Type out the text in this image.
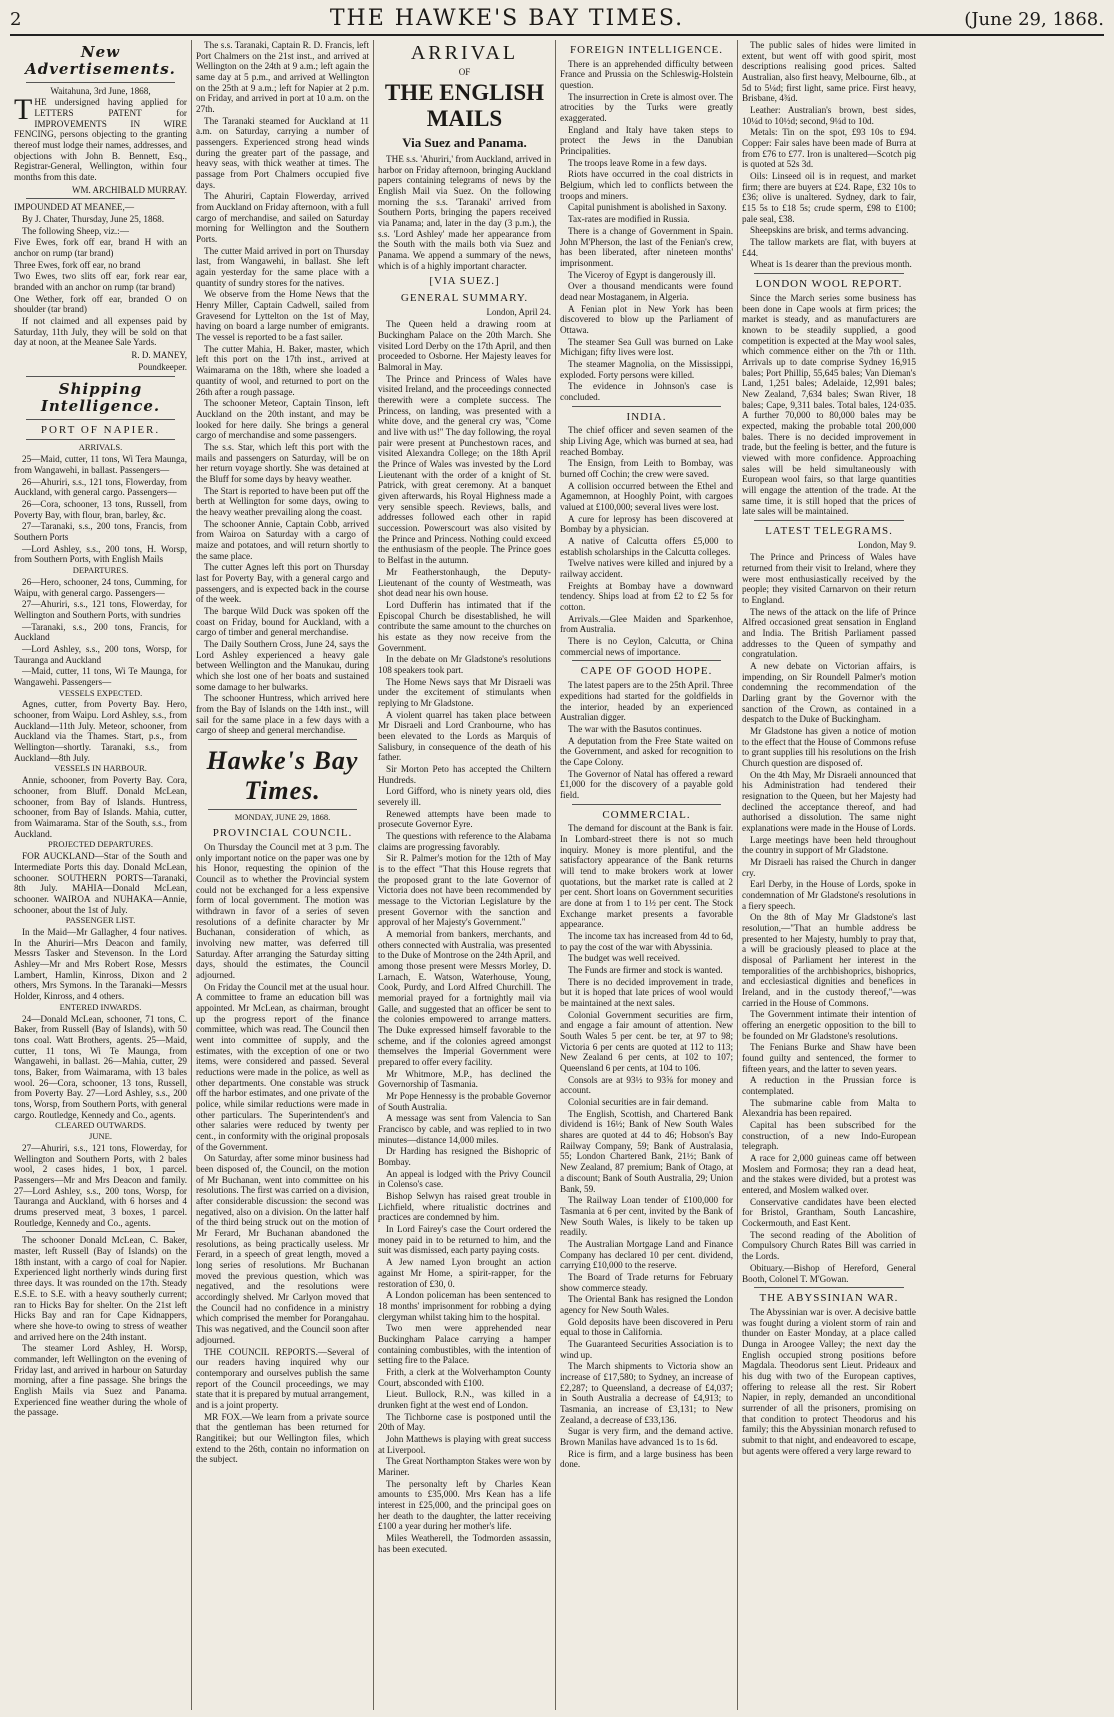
2	THE HAWKE'S BAY TIMES.	(June 29, 1868.
New Advertisements.

Waitahuna, 3rd June, 1868,

THE undersigned having applied for LETTERS PATENT for IMPROVEMENTS IN WIRE FENCING, persons objecting to the granting thereof must lodge their names, addresses, and objections with John B. Bennett, Esq., Registrar-General, Wellington, within four months from this date.

WM. ARCHIBALD MURRAY.

IMPOUNDED AT MEANEE,—

By J. Chater, Thursday, June 25, 1868.

The following Sheep, viz.:—

Five Ewes, fork off ear, brand H with an anchor on rump (tar brand)

Three Ewes, fork off ear, no brand

Two Ewes, two slits off ear, fork rear ear, branded with an anchor on rump (tar brand)

One Wether, fork off ear, branded O on shoulder (tar brand)

If not claimed and all expenses paid by Saturday, 11th July, they will be sold on that day at noon, at the Meanee Sale Yards.

R. D. MANEY,
Poundkeeper.
Shipping Intelligence.
PORT OF NAPIER.
ARRIVALS.

25—Maid, cutter, 11 tons, Wi Tera Maunga, from Wangawehi, in ballast. Passengers—

26—Ahuriri, s.s., 121 tons, Flowerday, from Auckland, with general cargo. Passengers—

26—Cora, schooner, 13 tons, Russell, from Poverty Bay, with flour, bran, barley, &c.

27—Taranaki, s.s., 200 tons, Francis, from Southern Ports

—Lord Ashley, s.s., 200 tons, H. Worsp, from Southern Ports, with English Mails

DEPARTURES.

26—Hero, schooner, 24 tons, Cumming, for Waipu, with general cargo. Passengers—

27—Ahuriri, s.s., 121 tons, Flowerday, for Wellington and Southern Ports, with sundries

—Taranaki, s.s., 200 tons, Francis, for Auckland

—Lord Ashley, s.s., 200 tons, Worsp, for Tauranga and Auckland

—Maid, cutter, 11 tons, Wi Te Maunga, for Wangawehi. Passengers—

VESSELS EXPECTED.

Agnes, cutter, from Poverty Bay. Hero, schooner, from Waipu. Lord Ashley, s.s., from Auckland—11th July. Meteor, schooner, from Auckland via the Thames. Start, p.s., from Wellington—shortly. Taranaki, s.s., from Auckland—8th July.

VESSELS IN HARBOUR.

Annie, schooner, from Poverty Bay. Cora, schooner, from Bluff. Donald McLean, schooner, from Bay of Islands. Huntress, schooner, from Bay of Islands. Mahia, cutter, from Waimarama. Star of the South, s.s., from Auckland.

PROJECTED DEPARTURES.

FOR AUCKLAND—Star of the South and Intermediate Ports this day. Donald McLean, schooner. SOUTHERN PORTS—Taranaki, 8th July. MAHIA—Donald McLean, schooner. WAIROA and NUHAKA—Annie, schooner, about the 1st of July.

PASSENGER LIST.

In the Maid—Mr Gallagher, 4 four natives. In the Ahuriri—Mrs Deacon and family, Messrs Tasker and Stevenson. In the Lord Ashley—Mr and Mrs Robert Rose, Messrs Lambert, Hamlin, Kinross, Dixon and 2 others, Mrs Symons. In the Taranaki—Messrs Holder, Kinross, and 4 others.

ENTERED INWARDS.

24—Donald McLean, schooner, 71 tons, C. Baker, from Russell (Bay of Islands), with 50 tons coal. Watt Brothers, agents. 25—Maid, cutter, 11 tons, Wi Te Maunga, from Wangawehi, in ballast. 26—Mahia, cutter, 29 tons, Baker, from Waimarama, with 13 bales wool. 26—Cora, schooner, 13 tons, Russell, from Poverty Bay. 27—Lord Ashley, s.s., 200 tons, Worsp, from Southern Ports, with general cargo. Routledge, Kennedy and Co., agents.

CLEARED OUTWARDS.
JUNE.

27—Ahuriri, s.s., 121 tons, Flowerday, for Wellington and Southern Ports, with 2 bales wool, 2 cases hides, 1 box, 1 parcel. Passengers—Mr and Mrs Deacon and family. 27—Lord Ashley, s.s., 200 tons, Worsp, for Tauranga and Auckland, with 6 horses and 4 drums preserved meat, 3 boxes, 1 parcel. Routledge, Kennedy and Co., agents.

The schooner Donald McLean, C. Baker, master, left Russell (Bay of Islands) on the 18th instant, with a cargo of coal for Napier. Experienced light northerly winds during first three days. It was rounded on the 17th. Steady E.S.E. to S.E. with a heavy southerly current; ran to Hicks Bay for shelter. On the 21st left Hicks Bay and ran for Cape Kidnappers, where she hove-to owing to stress of weather and arrived here on the 24th instant.

The steamer Lord Ashley, H. Worsp, commander, left Wellington on the evening of Friday last, and arrived in harbour on Saturday morning, after a fine passage. She brings the English Mails via Suez and Panama. Experienced fine weather during the whole of the passage.

The s.s. Taranaki, Captain R. D. Francis, left Port Chalmers on the 21st inst., and arrived at Wellington on the 24th at 9 a.m.; left again the same day at 5 p.m., and arrived at Wellington on the 25th at 9 a.m.; left for Napier at 2 p.m. on Friday, and arrived in port at 10 a.m. on the 27th.

The Taranaki steamed for Auckland at 11 a.m. on Saturday, carrying a number of passengers. Experienced strong head winds during the greater part of the passage, and heavy seas, with thick weather at times. The passage from Port Chalmers occupied five days.

The Ahuriri, Captain Flowerday, arrived from Auckland on Friday afternoon, with a full cargo of merchandise, and sailed on Saturday morning for Wellington and the Southern Ports.

The cutter Maid arrived in port on Thursday last, from Wangawehi, in ballast. She left again yesterday for the same place with a quantity of sundry stores for the natives.

We observe from the Home News that the Henry Miller, Captain Cadwell, sailed from Gravesend for Lyttelton on the 1st of May, having on board a large number of emigrants. The vessel is reported to be a fast sailer.

The cutter Mahia, H. Baker, master, which left this port on the 17th inst., arrived at Waimarama on the 18th, where she loaded a quantity of wool, and returned to port on the 26th after a rough passage.

The schooner Meteor, Captain Tinson, left Auckland on the 20th instant, and may be looked for here daily. She brings a general cargo of merchandise and some passengers.

The s.s. Star, which left this port with the mails and passengers on Saturday, will be on her return voyage shortly. She was detained at the Bluff for some days by heavy weather.

The Start is reported to have been put off the berth at Wellington for some days, owing to the heavy weather prevailing along the coast.

The schooner Annie, Captain Cobb, arrived from Wairoa on Saturday with a cargo of maize and potatoes, and will return shortly to the same place.

The cutter Agnes left this port on Thursday last for Poverty Bay, with a general cargo and passengers, and is expected back in the course of the week.

The barque Wild Duck was spoken off the coast on Friday, bound for Auckland, with a cargo of timber and general merchandise.

The Daily Southern Cross, June 24, says the Lord Ashley experienced a heavy gale between Wellington and the Manukau, during which she lost one of her boats and sustained some damage to her bulwarks.

The schooner Huntress, which arrived here from the Bay of Islands on the 14th inst., will sail for the same place in a few days with a cargo of sheep and general merchandise.

Hawke's Bay Times.
MONDAY, JUNE 29, 1868.
PROVINCIAL COUNCIL.

On Thursday the Council met at 3 p.m. The only important notice on the paper was one by his Honor, requesting the opinion of the Council as to whether the Provincial system could not be exchanged for a less expensive form of local government. The motion was withdrawn in favor of a series of seven resolutions of a definite character by Mr Buchanan, consideration of which, as involving new matter, was deferred till Saturday. After arranging the Saturday sitting days, should the estimates, the Council adjourned.

On Friday the Council met at the usual hour. A committee to frame an education bill was appointed. Mr McLean, as chairman, brought up the progress report of the finance committee, which was read. The Council then went into committee of supply, and the estimates, with the exception of one or two items, were considered and passed. Several reductions were made in the police, as well as other departments. One constable was struck off the harbor estimates, and one private of the police, while similar reductions were made in other particulars. The Superintendent's and other salaries were reduced by twenty per cent., in conformity with the original proposals of the Government.

On Saturday, after some minor business had been disposed of, the Council, on the motion of Mr Buchanan, went into committee on his resolutions. The first was carried on a division, after considerable discussion: the second was negatived, also on a division. On the latter half of the third being struck out on the motion of Mr Ferard, Mr Buchanan abandoned the resolutions, as being practically useless. Mr Ferard, in a speech of great length, moved a long series of resolutions. Mr Buchanan moved the previous question, which was negatived, and the resolutions were accordingly shelved. Mr Carlyon moved that the Council had no confidence in a ministry which comprised the member for Porangahau. This was negatived, and the Council soon after adjourned.

THE COUNCIL REPORTS.—Several of our readers having inquired why our contemporary and ourselves publish the same report of the Council proceedings, we may state that it is prepared by mutual arrangement, and is a joint property.

MR FOX.—We learn from a private source that the gentleman has been returned for Rangitikei; but our Wellington files, which extend to the 26th, contain no information on the subject.

ARRIVAL
OF
THE ENGLISH MAILS
Via Suez and Panama.

THE s.s. 'Ahuriri,' from Auckland, arrived in harbor on Friday afternoon, bringing Auckland papers containing telegrams of news by the English Mail via Suez. On the following morning the s.s. 'Taranaki' arrived from Southern Ports, bringing the papers received via Panama; and, later in the day (3 p.m.), the s.s. 'Lord Ashley' made her appearance from the South with the mails both via Suez and Panama. We append a summary of the news, which is of a highly important character.

[VIA SUEZ.]
GENERAL SUMMARY.
London, April 24.

The Queen held a drawing room at Buckingham Palace on the 20th March. She visited Lord Derby on the 17th April, and then proceeded to Osborne. Her Majesty leaves for Balmoral in May.

The Prince and Princess of Wales have visited Ireland, and the proceedings connected therewith were a complete success. The Princess, on landing, was presented with a white dove, and the general cry was, "Come and live with us!" The day following, the royal pair were present at Punchestown races, and visited Alexandra College; on the 18th April the Prince of Wales was invested by the Lord Lieutenant with the order of a knight of St. Patrick, with great ceremony. At a banquet given afterwards, his Royal Highness made a very sensible speech. Reviews, balls, and addresses followed each other in rapid succession. Powerscourt was also visited by the Prince and Princess. Nothing could exceed the enthusiasm of the people. The Prince goes to Belfast in the autumn.

Mr Featherstonhaugh, the Deputy-Lieutenant of the county of Westmeath, was shot dead near his own house.

Lord Dufferin has intimated that if the Episcopal Church be disestablished, he will contribute the same amount to the churches on his estate as they now receive from the Government.

In the debate on Mr Gladstone's resolutions 108 speakers took part.

The Home News says that Mr Disraeli was under the excitement of stimulants when replying to Mr Gladstone.

A violent quarrel has taken place between Mr Disraeli and Lord Cranbourne, who has been elevated to the Lords as Marquis of Salisbury, in consequence of the death of his father.

Sir Morton Peto has accepted the Chiltern Hundreds.

Lord Gifford, who is ninety years old, dies severely ill.

Renewed attempts have been made to prosecute Governor Eyre.

The questions with reference to the Alabama claims are progressing favorably.

Sir R. Palmer's motion for the 12th of May is to the effect "That this House regrets that the proposed grant to the late Governor of Victoria does not have been recommended by message to the Victorian Legislature by the present Governor with the sanction and approval of her Majesty's Government."

A memorial from bankers, merchants, and others connected with Australia, was presented to the Duke of Montrose on the 24th April, and among those present were Messrs Morley, D. Larnach, E. Watson, Waterhouse, Young, Cook, Purdy, and Lord Alfred Churchill. The memorial prayed for a fortnightly mail via Galle, and suggested that an officer be sent to the colonies empowered to arrange matters. The Duke expressed himself favorable to the scheme, and if the colonies agreed amongst themselves the Imperial Government were prepared to offer every facility.

Mr Whitmore, M.P., has declined the Governorship of Tasmania.

Mr Pope Hennessy is the probable Governor of South Australia.

A message was sent from Valencia to San Francisco by cable, and was replied to in two minutes—distance 14,000 miles.

Dr Harding has resigned the Bishopric of Bombay.

An appeal is lodged with the Privy Council in Colenso's case.

Bishop Selwyn has raised great trouble in Lichfield, where ritualistic doctrines and practices are condemned by him.

In Lord Fairey's case the Court ordered the money paid in to be returned to him, and the suit was dismissed, each party paying costs.

A Jew named Lyon brought an action against Mr Home, a spirit-rapper, for the restoration of £30, 0.

A London policeman has been sentenced to 18 months' imprisonment for robbing a dying clergyman whilst taking him to the hospital.

Two men were apprehended near Buckingham Palace carrying a hamper containing combustibles, with the intention of setting fire to the Palace.

Frith, a clerk at the Wolverhampton County Court, absconded with £100.

Lieut. Bullock, R.N., was killed in a drunken fight at the west end of London.

The Tichborne case is postponed until the 20th of May.

John Matthews is playing with great success at Liverpool.

The Great Northampton Stakes were won by Mariner.

The personalty left by Charles Kean amounts to £35,000. Mrs Kean has a life interest in £25,000, and the principal goes on her death to the daughter, the latter receiving £100 a year during her mother's life.

Miles Weatherell, the Todmorden assassin, has been executed.

FOREIGN INTELLIGENCE.

There is an apprehended difficulty between France and Prussia on the Schleswig-Holstein question.

The insurrection in Crete is almost over. The atrocities by the Turks were greatly exaggerated.

England and Italy have taken steps to protect the Jews in the Danubian Principalities.

The troops leave Rome in a few days.

Riots have occurred in the coal districts in Belgium, which led to conflicts between the troops and miners.

Capital punishment is abolished in Saxony.

Tax-rates are modified in Russia.

There is a change of Government in Spain. John M'Pherson, the last of the Fenian's crew, has been liberated, after nineteen months' imprisonment.

The Viceroy of Egypt is dangerously ill.

Over a thousand mendicants were found dead near Mostaganem, in Algeria.

A Fenian plot in New York has been discovered to blow up the Parliament of Ottawa.

The steamer Sea Gull was burned on Lake Michigan; fifty lives were lost.

The steamer Magnolia, on the Mississippi, exploded. Forty persons were killed.

The evidence in Johnson's case is concluded.

INDIA.

The chief officer and seven seamen of the ship Living Age, which was burned at sea, had reached Bombay.

The Ensign, from Leith to Bombay, was burned off Cochin; the crew were saved.

A collision occurred between the Ethel and Agamemnon, at Hooghly Point, with cargoes valued at £100,000; several lives were lost.

A cure for leprosy has been discovered at Bombay by a physician.

A native of Calcutta offers £5,000 to establish scholarships in the Calcutta colleges.

Twelve natives were killed and injured by a railway accident.

Freights at Bombay have a downward tendency. Ships load at from £2 to £2 5s for cotton.

Arrivals.—Glee Maiden and Sparkenhoe, from Australia.

There is no Ceylon, Calcutta, or China commercial news of importance.

CAPE OF GOOD HOPE.

The latest papers are to the 25th April. Three expeditions had started for the goldfields in the interior, headed by an experienced Australian digger.

The war with the Basutos continues.

A deputation from the Free State waited on the Government, and asked for recognition to the Cape Colony.

The Governor of Natal has offered a reward £1,000 for the discovery of a payable gold field.

COMMERCIAL.

The demand for discount at the Bank is fair. In Lombard-street there is not so much inquiry. Money is more plentiful, and the satisfactory appearance of the Bank returns will tend to make brokers work at lower quotations, but the market rate is called at 2 per cent. Short loans on Government securities are done at from 1 to 1½ per cent. The Stock Exchange market presents a favorable appearance.

The income tax has increased from 4d to 6d, to pay the cost of the war with Abyssinia.

The budget was well received.

The Funds are firmer and stock is wanted.

There is no decided improvement in trade, but it is hoped that late prices of wool would be maintained at the next sales.

Colonial Government securities are firm, and engage a fair amount of attention. New South Wales 5 per cent. be ter, at 97 to 98; Victoria 6 per cents are quoted at 112 to 113; New Zealand 6 per cents, at 102 to 107; Queensland 6 per cents, at 104 to 106.

Consols are at 93½ to 93⅝ for money and account.

Colonial securities are in fair demand.

The English, Scottish, and Chartered Bank dividend is 16½; Bank of New South Wales shares are quoted at 44 to 46; Hobson's Bay Railway Company, 59; Bank of Australasia, 55; London Chartered Bank, 21½; Bank of New Zealand, 87 premium; Bank of Otago, at a discount; Bank of South Australia, 29; Union Bank, 59.

The Railway Loan tender of £100,000 for Tasmania at 6 per cent, invited by the Bank of New South Wales, is likely to be taken up readily.

The Australian Mortgage Land and Finance Company has declared 10 per cent. dividend, carrying £10,000 to the reserve.

The Board of Trade returns for February show commerce steady.

The Oriental Bank has resigned the London agency for New South Wales.

Gold deposits have been discovered in Peru equal to those in California.

The Guaranteed Securities Association is to wind up.

The March shipments to Victoria show an increase of £17,580; to Sydney, an increase of £2,287; to Queensland, a decrease of £4,037; in South Australia a decrease of £4,913; to Tasmania, an increase of £3,131; to New Zealand, a decrease of £33,136.

Sugar is very firm, and the demand active. Brown Manilas have advanced 1s to 1s 6d.

Rice is firm, and a large business has been done.

The public sales of hides were limited in extent, but went off with good spirit, most descriptions realising good prices. Salted Australian, also first heavy, Melbourne, 6lb., at 5d to 5¼d; first light, same price. First heavy, Brisbane, 4¾d.

Leather: Australian's brown, best sides, 10¼d to 10½d; second, 9¼d to 10d.

Metals: Tin on the spot, £93 10s to £94. Copper: Fair sales have been made of Burra at from £76 to £77. Iron is unaltered—Scotch pig is quoted at 52s 3d.

Oils: Linseed oil is in request, and market firm; there are buyers at £24. Rape, £32 10s to £36; olive is unaltered. Sydney, dark to fair, £15 5s to £18 5s; crude sperm, £98 to £100; pale seal, £38.

Sheepskins are brisk, and terms advancing.

The tallow markets are flat, with buyers at £44.

Wheat is 1s dearer than the previous month.

LONDON WOOL REPORT.

Since the March series some business has been done in Cape wools at firm prices; the market is steady, and as manufacturers are known to be steadily supplied, a good competition is expected at the May wool sales, which commence either on the 7th or 11th. Arrivals up to date comprise Sydney 16,915 bales; Port Phillip, 55,645 bales; Van Dieman's Land, 1,251 bales; Adelaide, 12,991 bales; New Zealand, 7,634 bales; Swan River, 18 bales; Cape, 9,311 bales. Total bales, 124·035. A further 70,000 to 80,000 bales may be expected, making the probable total 200,000 bales. There is no decided improvement in trade, but the feeling is better, and the future is viewed with more confidence. Approaching sales will be held simultaneously with European wool fairs, so that large quantities will engage the attention of the trade. At the same time, it is still hoped that the prices of late sales will be maintained.

LATEST TELEGRAMS.
London, May 9.

The Prince and Princess of Wales have returned from their visit to Ireland, where they were most enthusiastically received by the people; they visited Carnarvon on their return to England.

The news of the attack on the life of Prince Alfred occasioned great sensation in England and India. The British Parliament passed addresses to the Queen of sympathy and congratulation.

A new debate on Victorian affairs, is impending, on Sir Roundell Palmer's motion condemning the recommendation of the Darling grant by the Governor with the sanction of the Crown, as contained in a despatch to the Duke of Buckingham.

Mr Gladstone has given a notice of motion to the effect that the House of Commons refuse to grant supplies till his resolutions on the Irish Church question are disposed of.

On the 4th May, Mr Disraeli announced that his Administration had tendered their resignation to the Queen, but her Majesty had declined the acceptance thereof, and had authorised a dissolution. The same night explanations were made in the House of Lords.

Large meetings have been held throughout the country in support of Mr Gladstone.

Mr Disraeli has raised the Church in danger cry.

Earl Derby, in the House of Lords, spoke in condemnation of Mr Gladstone's resolutions in a fiery speech.

On the 8th of May Mr Gladstone's last resolution,—"That an humble address be presented to her Majesty, humbly to pray that, a will be graciously pleased to place at the disposal of Parliament her interest in the temporalities of the archbishoprics, bishoprics, and ecclesiastical dignities and benefices in Ireland, and in the custody thereof,"—was carried in the House of Commons.

The Government intimate their intention of offering an energetic opposition to the bill to be founded on Mr Gladstone's resolutions.

The Fenians Burke and Shaw have been found guilty and sentenced, the former to fifteen years, and the latter to seven years.

A reduction in the Prussian force is contemplated.

The submarine cable from Malta to Alexandria has been repaired.

Capital has been subscribed for the construction, of a new Indo-European telegraph.

A race for 2,000 guineas came off between Moslem and Formosa; they ran a dead heat, and the stakes were divided, but a protest was entered, and Moslem walked over.

Conservative candidates have been elected for Bristol, Grantham, South Lancashire, Cockermouth, and East Kent.

The second reading of the Abolition of Compulsory Church Rates Bill was carried in the Lords.

Obituary.—Bishop of Hereford, General Booth, Colonel T. M'Gowan.

THE ABYSSINIAN WAR.

The Abyssinian war is over. A decisive battle was fought during a violent storm of rain and thunder on Easter Monday, at a place called Dunga in Aroogee Valley; the next day the English occupied strong positions before Magdala. Theodorus sent Lieut. Prideaux and his dug with two of the European captives, offering to release all the rest. Sir Robert Napier, in reply, demanded an unconditional surrender of all the prisoners, promising on that condition to protect Theodorus and his family; this the Abyssinian monarch refused to submit to that night, and endeavored to escape, but agents were offered a very large reward to
